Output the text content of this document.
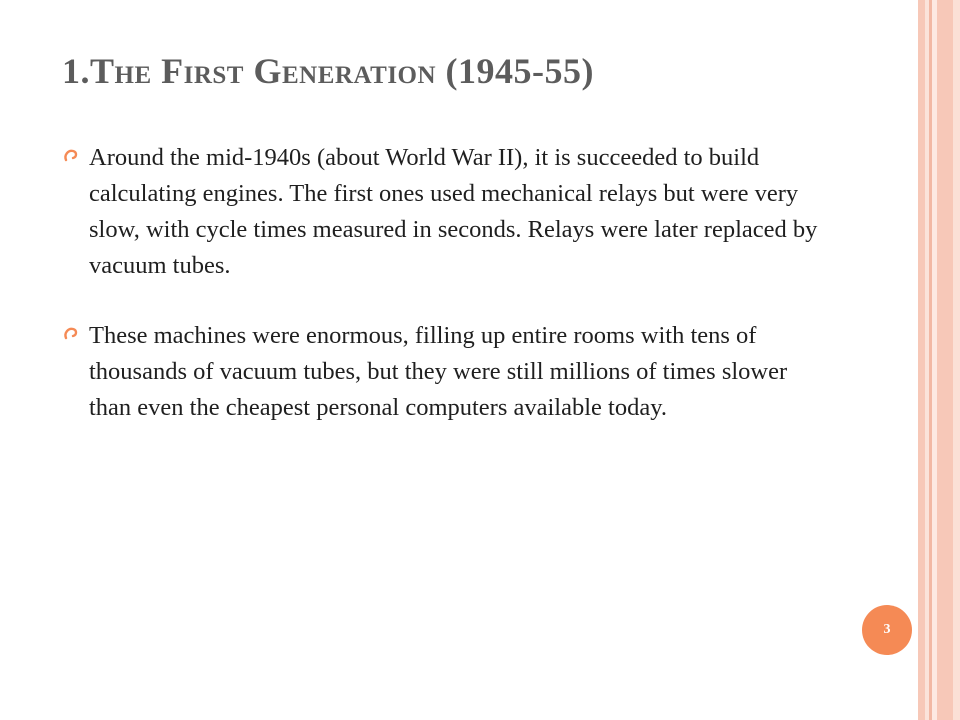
1.The First Generation (1945-55)
Around the mid-1940s (about World War II), it is succeeded to build calculating engines. The first ones used mechanical relays but were very slow, with cycle times measured in seconds. Relays were later replaced by vacuum tubes.
These machines were enormous, filling up entire rooms with tens of thousands of vacuum tubes, but they were still millions of times slower than even the cheapest personal computers available today.
3
